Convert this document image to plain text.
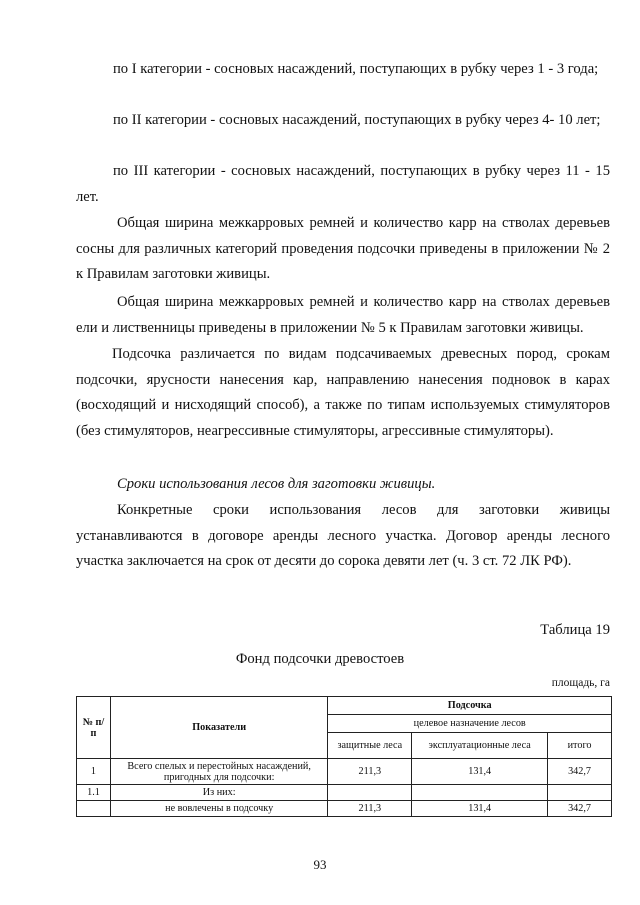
по I категории - сосновых насаждений, поступающих в рубку через 1 - 3 года;

по II категории - сосновых насаждений, поступающих в рубку через 4- 10 лет;

по III категории - сосновых насаждений, поступающих в рубку через 11 - 15 лет.

Общая ширина межкарровых ремней и количество карр на стволах деревьев сосны для различных категорий проведения подсочки приведены в приложении № 2 к Правилам заготовки живицы.

Общая ширина межкарровых ремней и количество карр на стволах деревьев ели и лиственницы приведены в приложении № 5 к Правилам заготовки живицы.

Подсочка различается по видам подсачиваемых древесных пород, срокам подсочки, ярусности нанесения кар, направлению нанесения подновок в карах (восходящий и нисходящий способ), а также по типам используемых стимуляторов (без стимуляторов, неагрессивные стимуляторы, агрессивные стимуляторы).

Сроки использования лесов для заготовки живицы.

Конкретные сроки использования лесов для заготовки живицы устанавливаются в договоре аренды лесного участка. Договор аренды лесного участка заключается на срок от десяти до сорока девяти лет (ч. 3 ст. 72 ЛК РФ).

Таблица 19
Фонд подсочки древостоев
площадь, га
№ п/п	Показатели	Подсочка		
		целевое назначение лесов		
		защитные леса	эксплуатационные леса	итого
1	Всего спелых и перестойных насаждений, пригодных для подсочки:	211,3	131,4	342,7
1.1	Из них:			
	не вовлечены в подсочку	211,3	131,4	342,7
93
